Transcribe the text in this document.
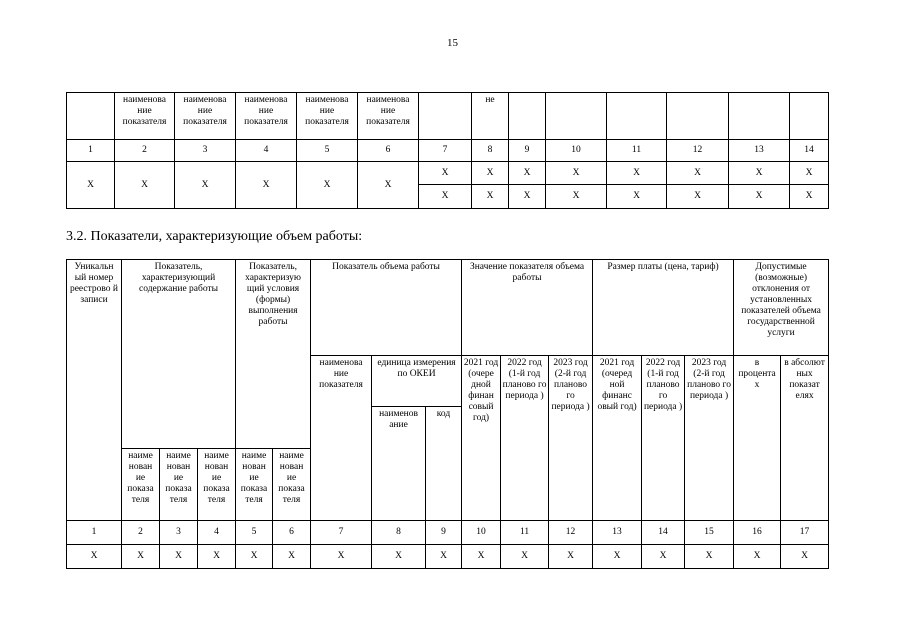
15
	наименова ние показателя	наименова ние показателя	наименова ние показателя	наименова ние показателя	наименова ние показателя		не						
1	2	3	4	5	6	7	8	9	10	11	12	13	14
Х	Х	Х	Х	Х	Х	Х	Х	Х	Х	Х	Х	Х	Х
						Х	Х	Х	Х	Х	Х	Х	Х
3.2. Показатели, характеризующие объем работы:
Уникальн ый номер реестрово й записи	Показатель, характеризующий содержание работы			Показатель, характеризую щий условия (формы) выполнения работы		Показатель объема работы			Значение показателя объема работы			Размер платы (цена, тариф)			Допустимые (возможные) отклонения от установленных показателей объема государственной услуги	
						наименова ние показателя	единица измерения по ОКЕИ		2021 год (очере дной финан совый год)	2022 год (1-й год планово го периода )	2023 год (2-й год планово го периода )	2021 год (очеред ной финанс овый год)	2022 год (1-й год планово го периода )	2023 год (2-й год планово го периода )	в процента х	в абсолют ных показат елях
							наименов ание	код								
	наиме нован ие показа теля	наиме нован ие показа теля	наиме нован ие показа теля	наиме нован ие показа теля	наиме нован ие показа теля											
1	2	3	4	5	6	7	8	9	10	11	12	13	14	15	16	17
Х	Х	Х	Х	Х	Х	Х	Х	Х	Х	Х	Х	Х	Х	Х	Х	Х
